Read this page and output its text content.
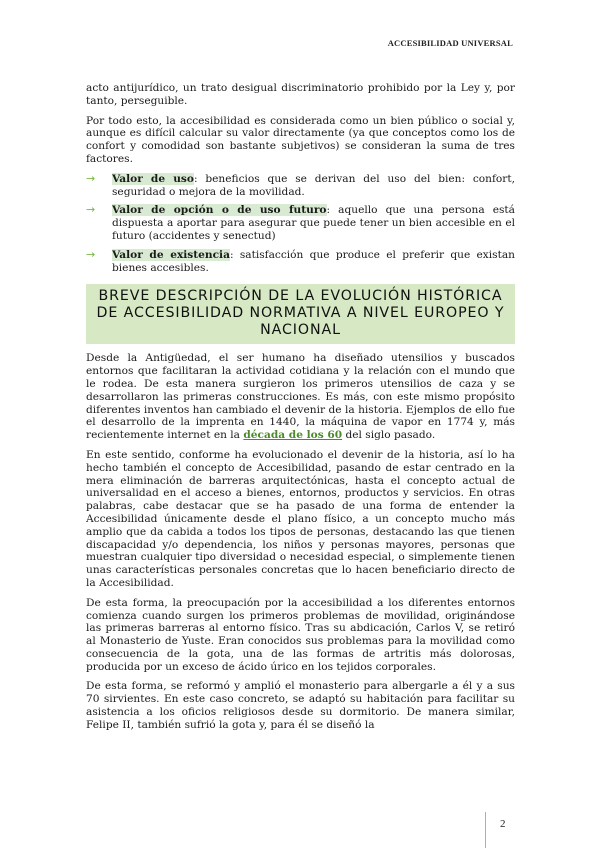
ACCESIBILIDAD UNIVERSAL

acto antijurídico, un trato desigual discriminatorio prohibido por la Ley y, por tanto, perseguible.

Por todo esto, la accesibilidad es considerada como un bien público o social y, aunque es difícil calcular su valor directamente (ya que conceptos como los de confort y comodidad son bastante subjetivos) se consideran la suma de tres factores.

→ Valor de uso: beneficios que se derivan del uso del bien: confort, seguridad o mejora de la movilidad.
→ Valor de opción o de uso futuro: aquello que una persona está dispuesta a aportar para asegurar que puede tener un bien accesible en el futuro (accidentes y senectud)
→ Valor de existencia: satisfacción que produce el preferir que existan bienes accesibles.
BREVE DESCRIPCIÓN DE LA EVOLUCIÓN HISTÓRICA DE ACCESIBILIDAD NORMATIVA A NIVEL EUROPEO Y NACIONAL

Desde la Antigüedad, el ser humano ha diseñado utensilios y buscados entornos que facilitaran la actividad cotidiana y la relación con el mundo que le rodea. De esta manera surgieron los primeros utensilios de caza y se desarrollaron las primeras construcciones. Es más, con este mismo propósito diferentes inventos han cambiado el devenir de la historia. Ejemplos de ello fue el desarrollo de la imprenta en 1440, la máquina de vapor en 1774 y, más recientemente internet en la década de los 60 del siglo pasado.

En este sentido, conforme ha evolucionado el devenir de la historia, así lo ha hecho también el concepto de Accesibilidad, pasando de estar centrado en la mera eliminación de barreras arquitectónicas, hasta el concepto actual de universalidad en el acceso a bienes, entornos, productos y servicios. En otras palabras, cabe destacar que se ha pasado de una forma de entender la Accesibilidad únicamente desde el plano físico, a un concepto mucho más amplio que da cabida a todos los tipos de personas, destacando las que tienen discapacidad y/o dependencia, los niños y personas mayores, personas que muestran cualquier tipo diversidad o necesidad especial, o simplemente tienen unas características personales concretas que lo hacen beneficiario directo de la Accesibilidad.

De esta forma, la preocupación por la accesibilidad a los diferentes entornos comienza cuando surgen los primeros problemas de movilidad, originándose las primeras barreras al entorno físico. Tras su abdicación, Carlos V, se retiró al Monasterio de Yuste. Eran conocidos sus problemas para la movilidad como consecuencia de la gota, una de las formas de artritis más dolorosas, producida por un exceso de ácido úrico en los tejidos corporales.

De esta forma, se reformó y amplió el monasterio para albergarle a él y a sus 70 sirvientes. En este caso concreto, se adaptó su habitación para facilitar su asistencia a los oficios religiosos desde su dormitorio. De manera similar, Felipe II, también sufrió la gota y, para él se diseñó la

2
